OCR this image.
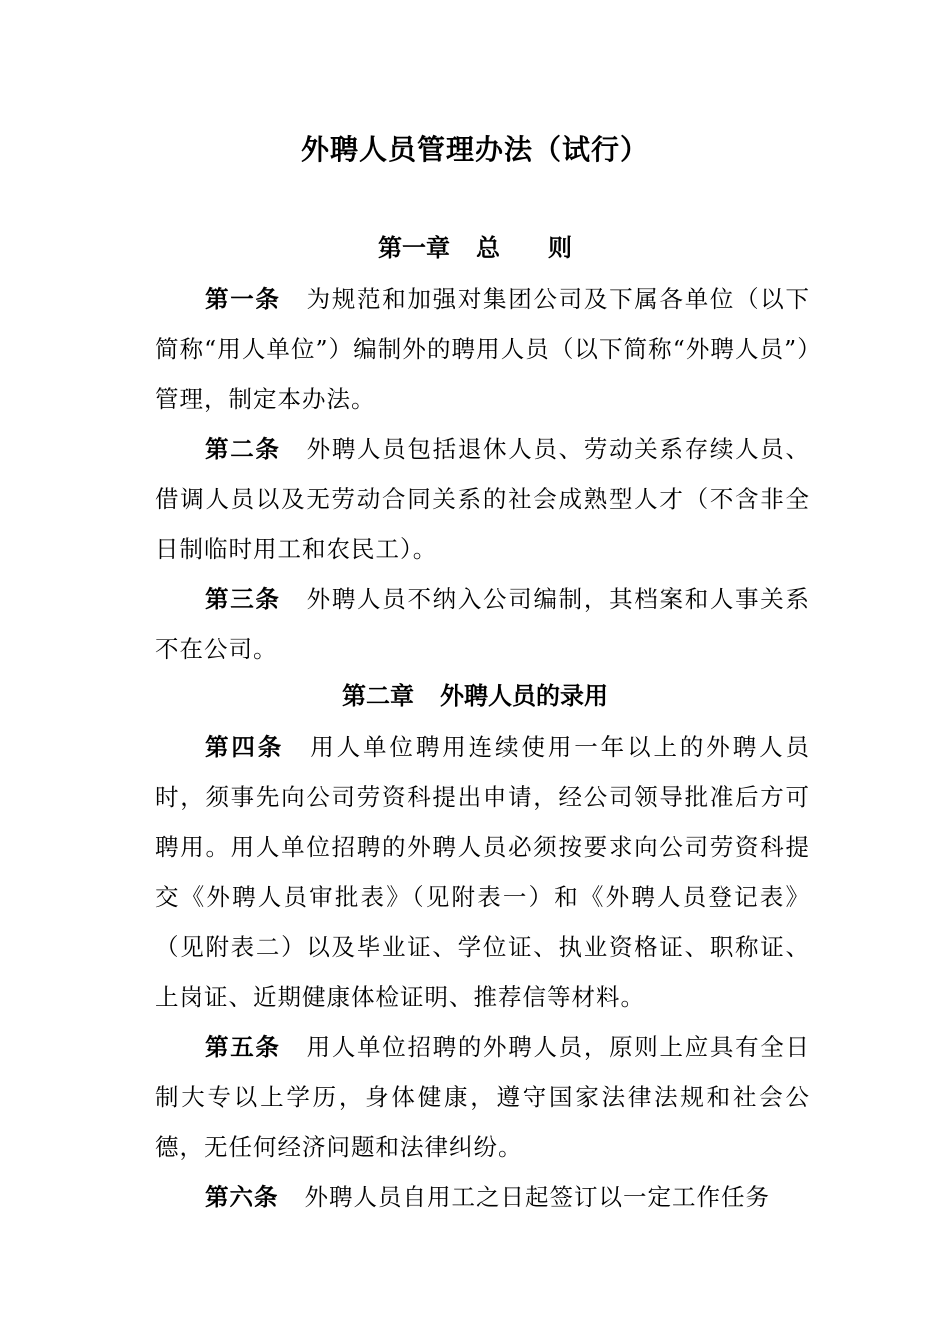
外聘人员管理办法（试行）
第一章 总　　则

第一条 为规范和加强对集团公司及下属各单位（以下简称“用人单位”）编制外的聘用人员（以下简称“外聘人员”）管理，制定本办法。

第二条 外聘人员包括退休人员、劳动关系存续人员、借调人员以及无劳动合同关系的社会成熟型人才（不含非全日制临时用工和农民工）。

第三条 外聘人员不纳入公司编制，其档案和人事关系不在公司。

第二章 外聘人员的录用

第四条 用人单位聘用连续使用一年以上的外聘人员时，须事先向公司劳资科提出申请，经公司领导批准后方可聘用。用人单位招聘的外聘人员必须按要求向公司劳资科提交《外聘人员审批表》（见附表一）和《外聘人员登记表》（见附表二）以及毕业证、学位证、执业资格证、职称证、上岗证、近期健康体检证明、推荐信等材料。

第五条 用人单位招聘的外聘人员，原则上应具有全日制大专以上学历，身体健康，遵守国家法律法规和社会公德，无任何经济问题和法律纠纷。

第六条 外聘人员自用工之日起签订以一定工作任务
